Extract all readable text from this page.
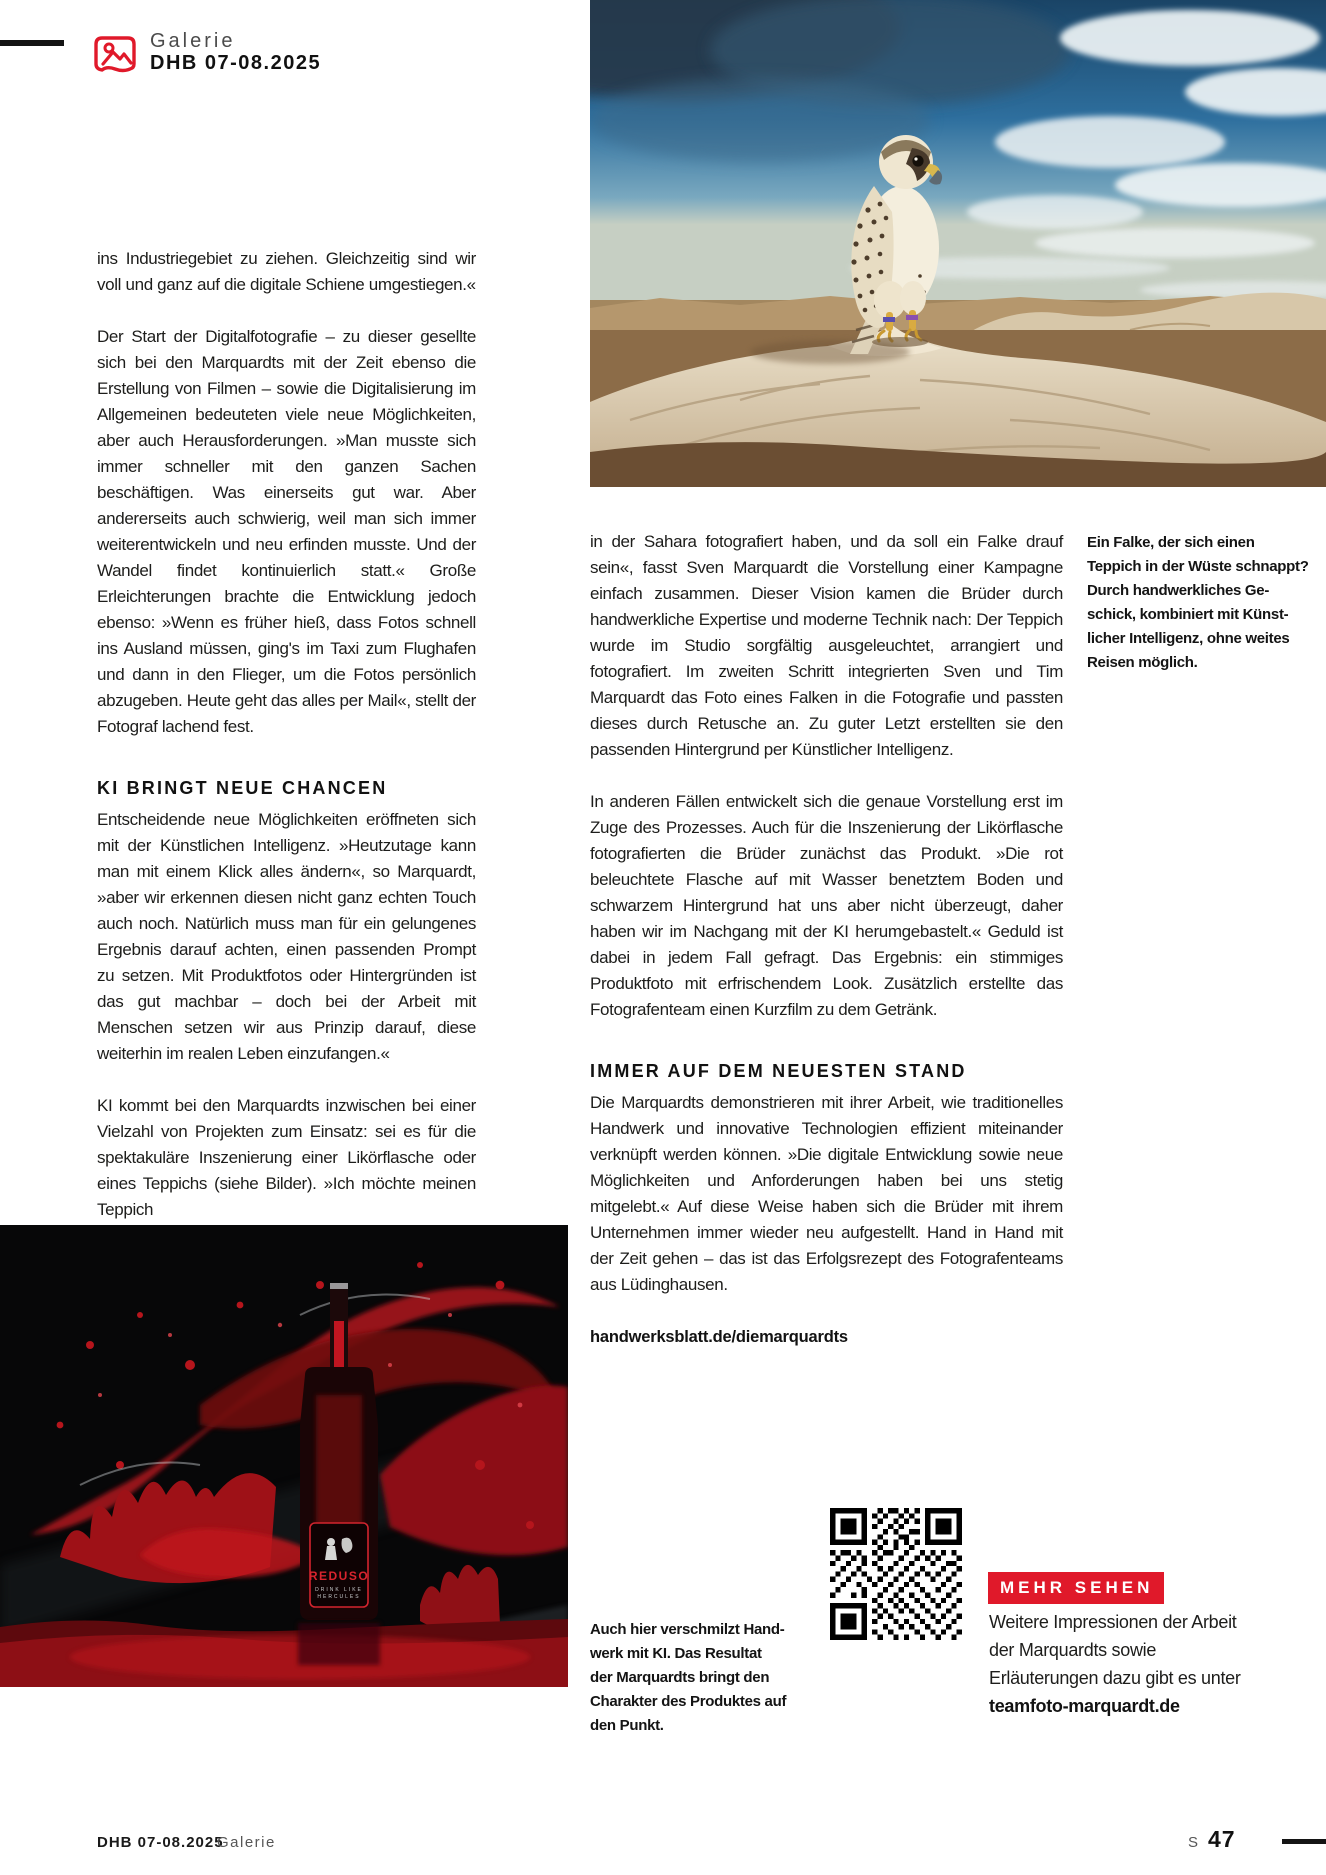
Galerie
DHB 07-08.2025

ins Industriegebiet zu ziehen. Gleichzeitig sind wir voll und ganz auf die digitale Schiene umgestiegen.«

Der Start der Digitalfotografie – zu dieser gesellte sich bei den Marquardts mit der Zeit ebenso die Erstellung von Filmen – sowie die Digitalisierung im Allgemeinen bedeuteten viele neue Möglichkeiten, aber auch Herausforderungen. »Man musste sich immer schneller mit den ganzen Sachen beschäftigen. Was einerseits gut war. Aber andererseits auch schwierig, weil man sich immer weiterentwickeln und neu erfinden musste. Und der Wandel findet kontinuierlich statt.« Große Erleichterungen brachte die Entwicklung jedoch ebenso: »Wenn es früher hieß, dass Fotos schnell ins Ausland müssen, ging's im Taxi zum Flughafen und dann in den Flieger, um die Fotos persönlich abzugeben. Heute geht das alles per Mail«, stellt der Fotograf lachend fest.

KI BRINGT NEUE CHANCEN

Entscheidende neue Möglichkeiten eröffneten sich mit der Künstlichen Intelligenz. »Heutzutage kann man mit einem Klick alles ändern«, so Marquardt, »aber wir erkennen diesen nicht ganz echten Touch auch noch. Natürlich muss man für ein gelungenes Ergebnis darauf achten, einen passenden Prompt zu setzen. Mit Produktfotos oder Hintergründen ist das gut machbar – doch bei der Arbeit mit Menschen setzen wir aus Prinzip darauf, diese weiterhin im realen Leben einzufangen.«

KI kommt bei den Marquardts inzwischen bei einer Vielzahl von Projekten zum Einsatz: sei es für die spektakuläre Inszenierung einer Likörflasche oder eines Teppichs (siehe Bilder). »Ich möchte meinen Teppich

in der Sahara fotografiert haben, und da soll ein Falke drauf sein«, fasst Sven Marquardt die Vorstellung einer Kampagne einfach zusammen. Dieser Vision kamen die Brüder durch handwerkliche Expertise und moderne Technik nach: Der Teppich wurde im Studio sorgfältig ausgeleuchtet, arrangiert und fotografiert. Im zweiten Schritt integrierten Sven und Tim Marquardt das Foto eines Falken in die Fotografie und passten dieses durch Retusche an. Zu guter Letzt erstellten sie den passenden Hintergrund per Künstlicher Intelligenz.

In anderen Fällen entwickelt sich die genaue Vorstellung erst im Zuge des Prozesses. Auch für die Inszenierung der Likörflasche fotografierten die Brüder zunächst das Produkt. »Die rot beleuchtete Flasche auf mit Wasser benetztem Boden und schwarzem Hintergrund hat uns aber nicht überzeugt, daher haben wir im Nachgang mit der KI herumgebastelt.« Geduld ist dabei in jedem Fall gefragt. Das Ergebnis: ein stimmiges Produktfoto mit erfrischendem Look. Zusätzlich erstellte das Fotografenteam einen Kurzfilm zu dem Getränk.

IMMER AUF DEM NEUESTEN STAND

Die Marquardts demonstrieren mit ihrer Arbeit, wie traditionelles Handwerk und innovative Technologien effizient miteinander verknüpft werden können. »Die digitale Entwicklung sowie neue Möglichkeiten und Anforderungen haben bei uns stetig mitgelebt.« Auf diese Weise haben sich die Brüder mit ihrem Unternehmen immer wieder neu aufgestellt. Hand in Hand mit der Zeit gehen – das ist das Erfolgsrezept des Fotografenteams aus Lüdinghausen.

handwerksblatt.de/diemarquardts
Ein Falke, der sich einen
Teppich in der Wüste schnappt?
Durch handwerkliches Ge-
schick, kombiniert mit Künst-
licher Intelligenz, ohne weites
Reisen möglich.
REDUSO
DRINK LIKE
HERCULES
Auch hier verschmilzt Hand-
werk mit KI. Das Resultat
der Marquardts bringt den
Charakter des Produktes auf
den Punkt.
MEHR SEHEN
Weitere Impressionen der Arbeit der Marquardts sowie Erläuterungen dazu gibt es unter teamfoto-marquardt.de
DHB 07-08.2025
Galerie	S 47
